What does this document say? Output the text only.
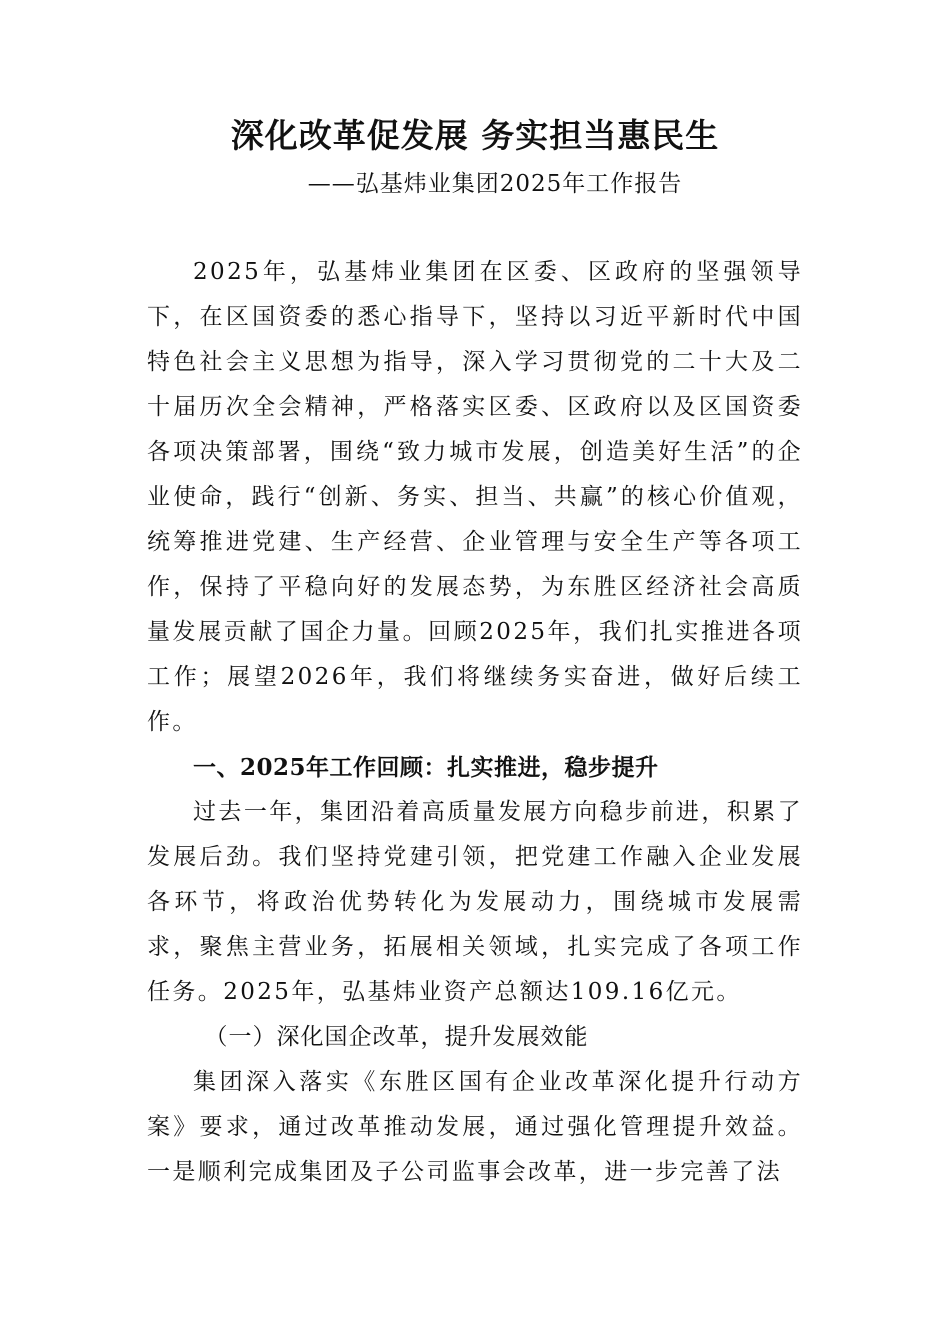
深化改革促发展 务实担当惠民生

——弘基炜业集团2025年工作报告

2025年，弘基炜业集团在区委、区政府的坚强领导下，在区国资委的悉心指导下，坚持以习近平新时代中国特色社会主义思想为指导，深入学习贯彻党的二十大及二十届历次全会精神，严格落实区委、区政府以及区国资委各项决策部署，围绕“致力城市发展，创造美好生活”的企业使命，践行“创新、务实、担当、共赢”的核心价值观，统筹推进党建、生产经营、企业管理与安全生产等各项工作，保持了平稳向好的发展态势，为东胜区经济社会高质量发展贡献了国企力量。回顾2025年，我们扎实推进各项工作；展望2026年，我们将继续务实奋进，做好后续工作。

一、2025年工作回顾：扎实推进，稳步提升

过去一年，集团沿着高质量发展方向稳步前进，积累了发展后劲。我们坚持党建引领，把党建工作融入企业发展各环节，将政治优势转化为发展动力，围绕城市发展需求，聚焦主营业务，拓展相关领域，扎实完成了各项工作任务。2025年，弘基炜业资产总额达109.16亿元。

（一）深化国企改革，提升发展效能

集团深入落实《东胜区国有企业改革深化提升行动方案》要求，通过改革推动发展，通过强化管理提升效益。一是顺利完成集团及子公司监事会改革，进一步完善了法
